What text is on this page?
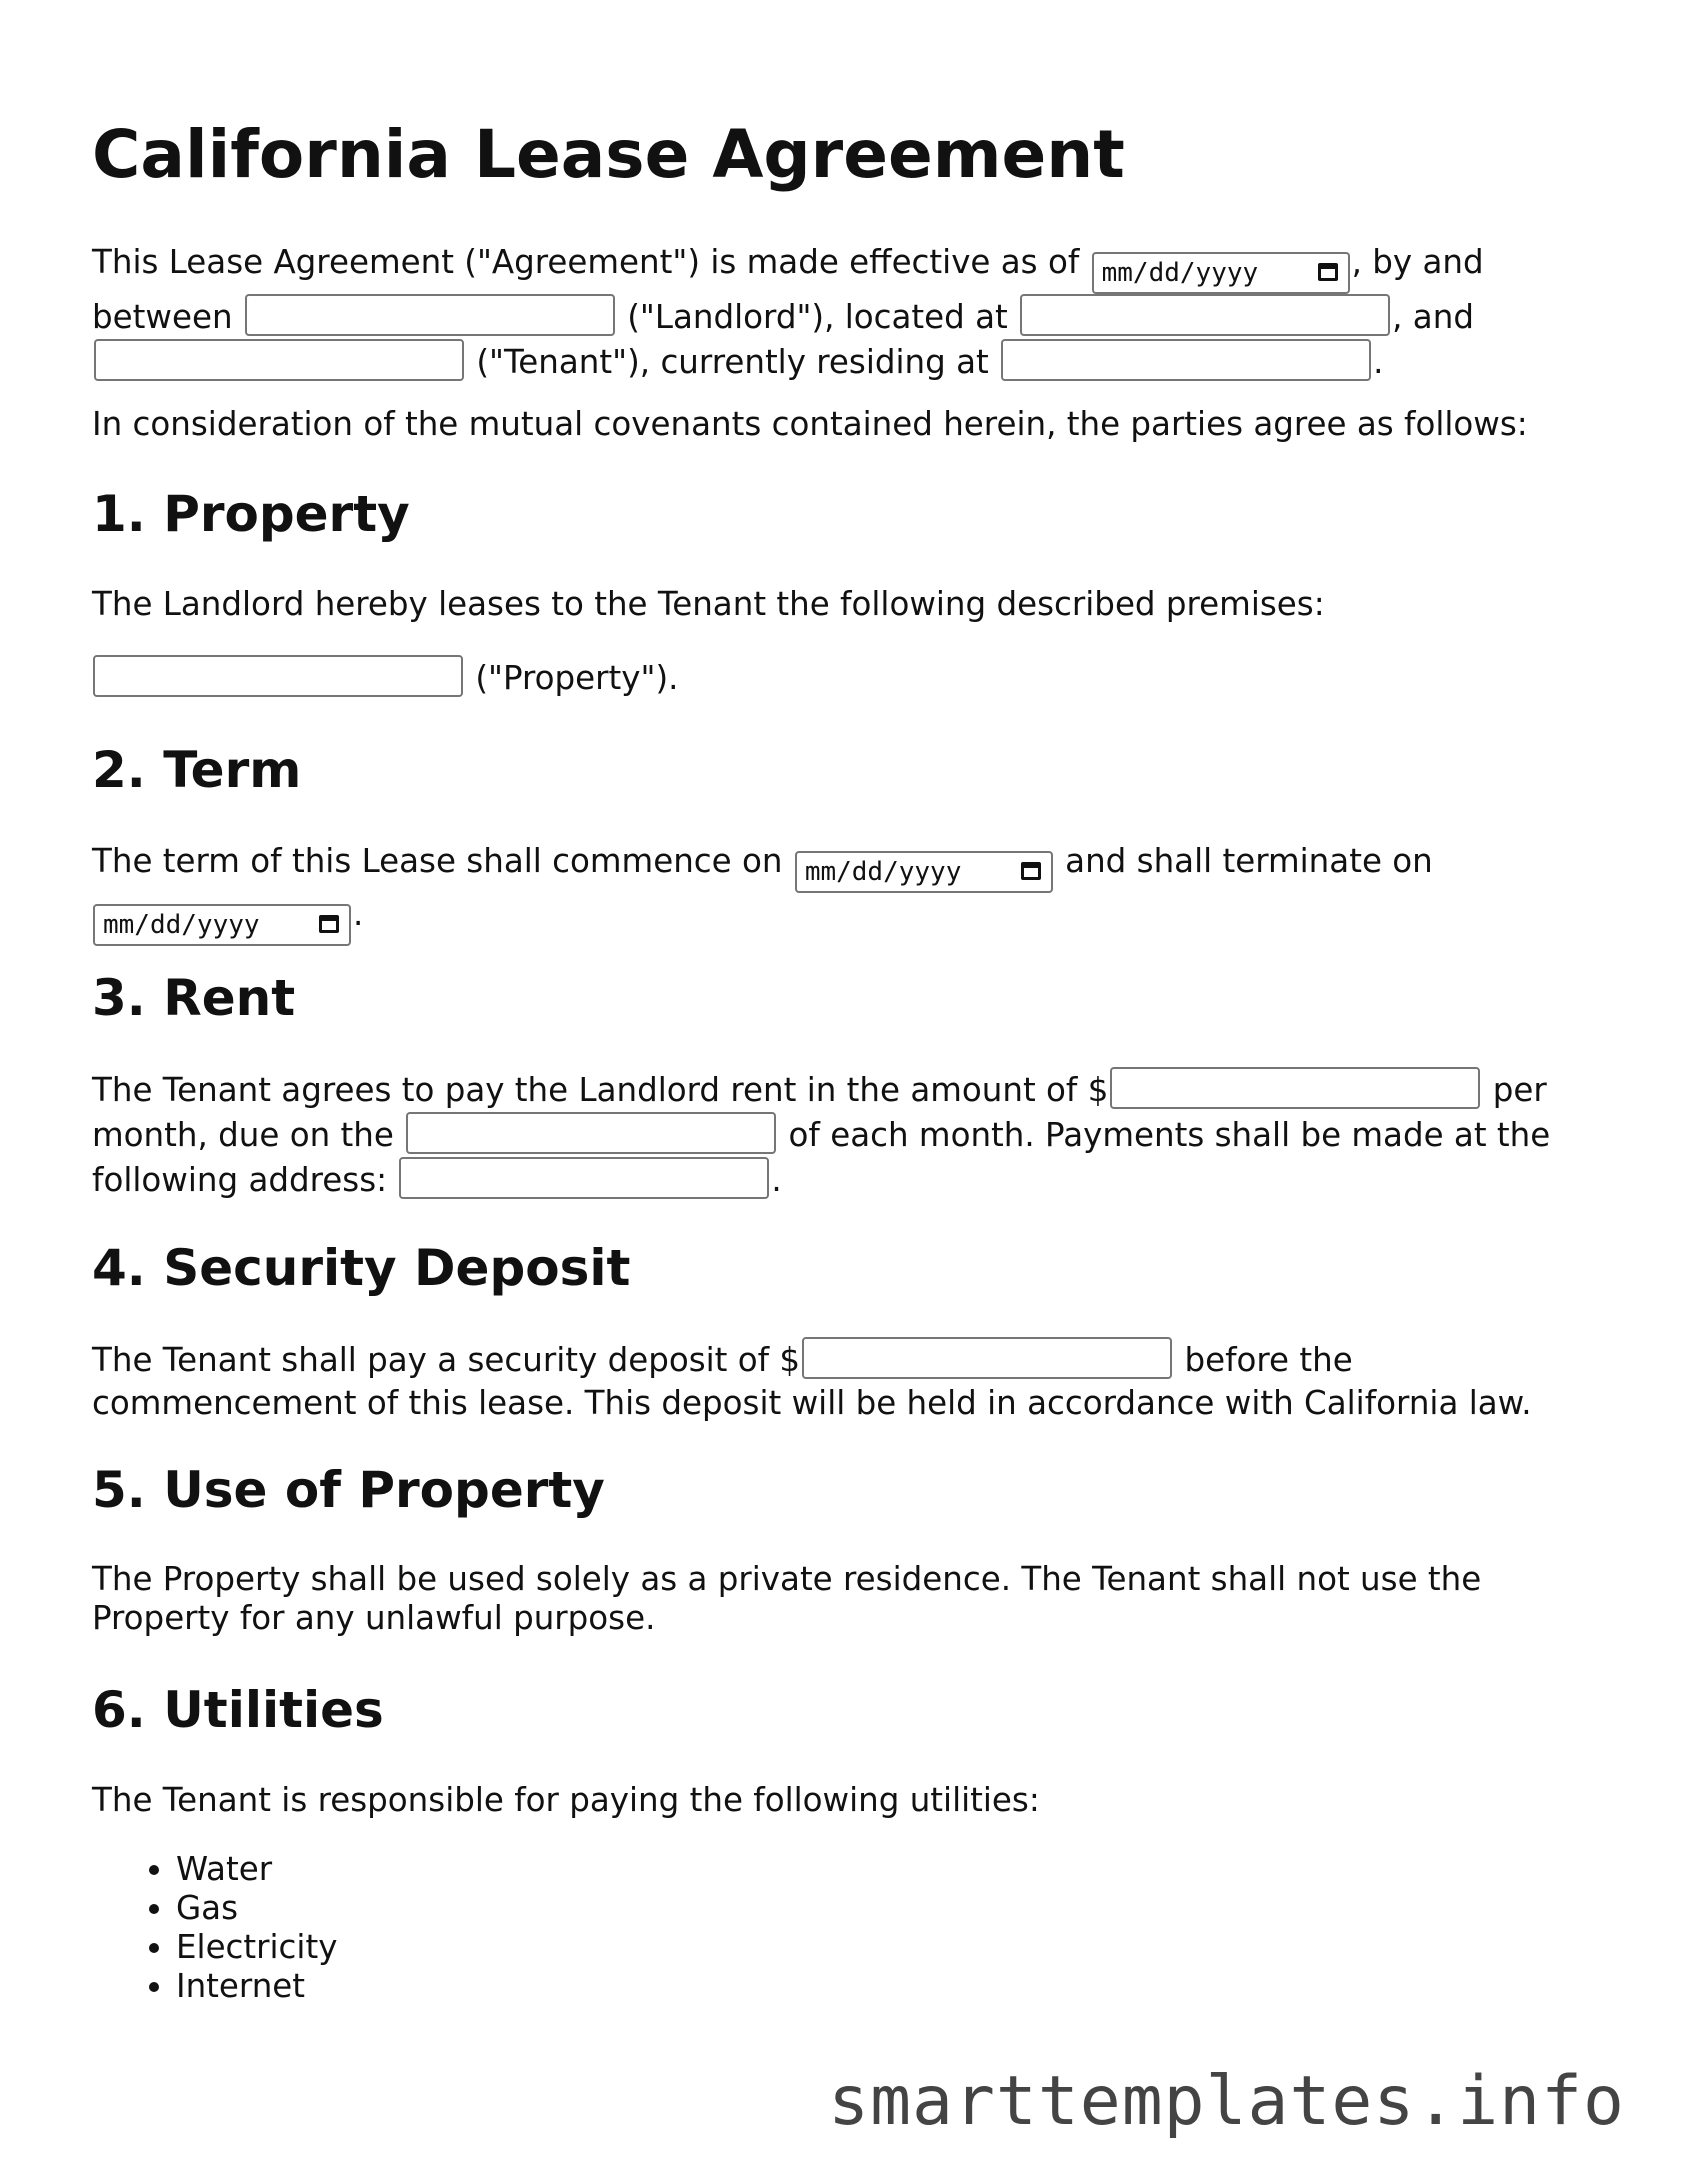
California Lease Agreement

This Lease Agreement ("Agreement") is made effective as of mm/dd/yyyy	, by and between	("Landlord"), located at	, and  ("Tenant"), currently residing at	.

In consideration of the mutual covenants contained herein, the parties agree as follows:

1. Property

The Landlord hereby leases to the Tenant the following described premises:

("Property").

2. Term

The term of this Lease shall commence on mm/dd/yyyy	and shall terminate on mm/dd/yyyy	.

3. Rent

The Tenant agrees to pay the Landlord rent in the amount of $	per month, due on the	of each month. Payments shall be made at the following address:	.

4. Security Deposit

The Tenant shall pay a security deposit of $	before the commencement of this lease. This deposit will be held in accordance with California law.

5. Use of Property

The Property shall be used solely as a private residence. The Tenant shall not use the Property for any unlawful purpose.

6. Utilities

The Tenant is responsible for paying the following utilities:

• Water
• Gas
• Electricity
• Internet
smarttemplates.info
